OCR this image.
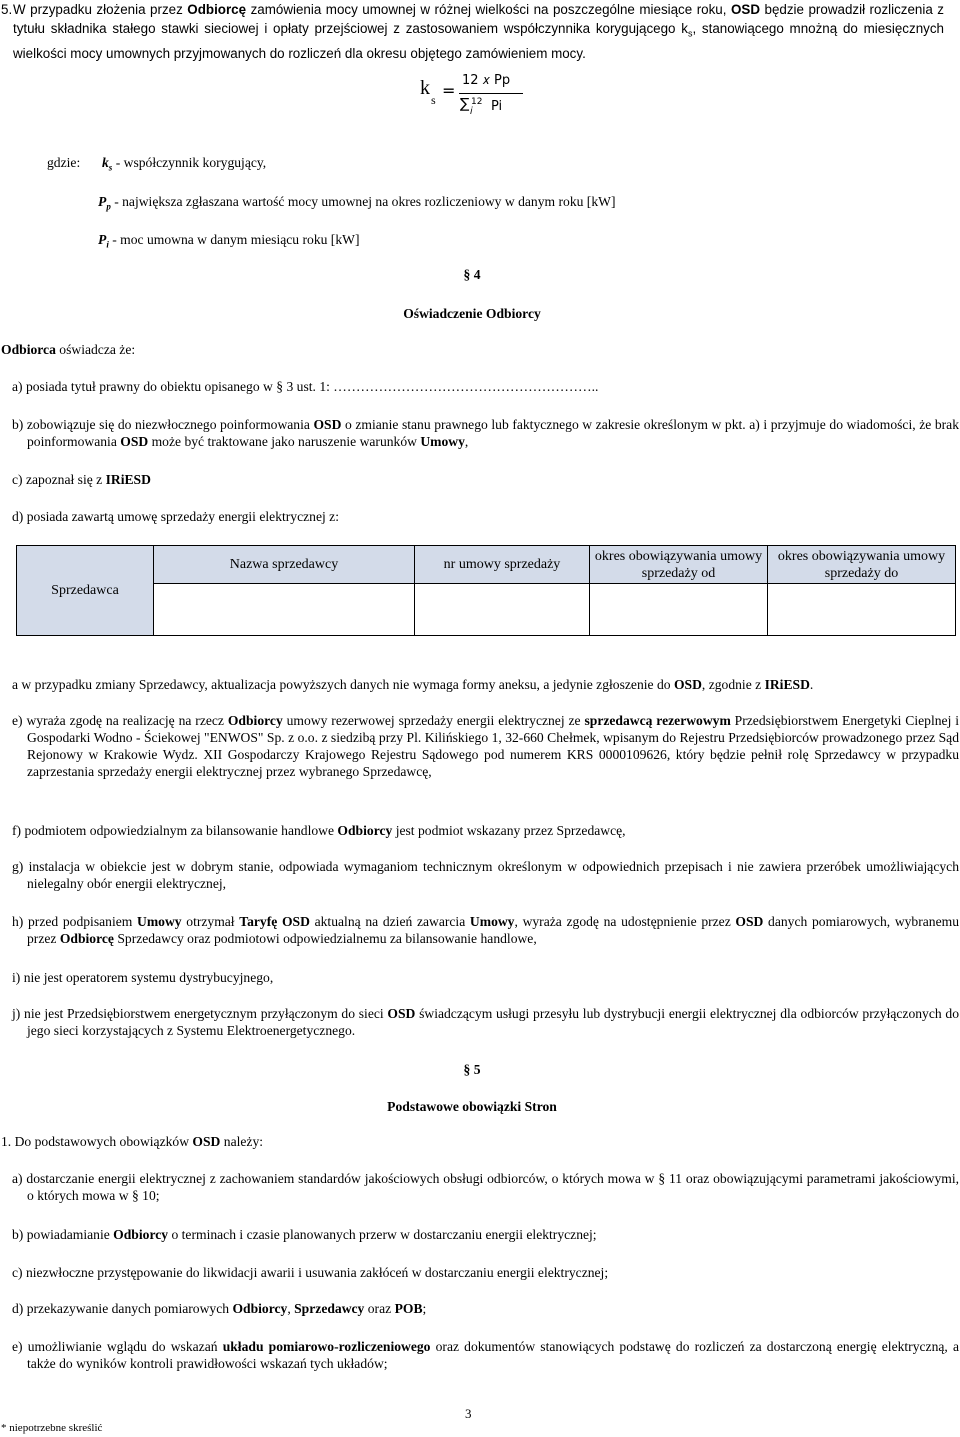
5. W przypadku złożenia przez Odbiorcę zamówienia mocy umownej w różnej wielkości na poszczególne miesiące roku, OSD będzie prowadził rozliczenia z tytułu składnika stałego stawki sieciowej i opłaty przejściowej z zastosowaniem współczynnika korygującego $k_s$, stanowiącego mnożną do miesięcznych wielkości mocy umownych przyjmowanych do rozliczeń dla okresu objętego zamówieniem mocy.
k
s =
12 𝑥 Pp
∑ 𝑖
12 Pi
gdzie: $k_s$ - współczynnik korygujący,
$P_p$ - największa zgłaszana wartość mocy umownej na okres rozliczeniowy w danym roku [kW]
$P_i$ - moc umowna w danym miesiącu roku [kW]
§ 4
Oświadczenie Odbiorcy
Odbiorca oświadcza że:
a) posiada tytuł prawny do obiektu opisanego w § 3 ust. 1: …………………………………………………..
b) zobowiązuje się do niezwłocznego poinformowania OSD o zmianie stanu prawnego lub faktycznego w zakresie określonym w pkt. a) i przyjmuje do wiadomości, że brak poinformowania OSD może być traktowane jako naruszenie warunków Umowy,
c) zapoznał się z IRiESD
d) posiada zawartą umowę sprzedaży energii elektrycznej z:
Sprzedawca	Nazwa sprzedawcy	nr umowy sprzedaży	okres obowiązywania umowy sprzedaży od	okres obowiązywania umowy sprzedaży do

a w przypadku zmiany Sprzedawcy, aktualizacja powyższych danych nie wymaga formy aneksu, a jedynie zgłoszenie do OSD, zgodnie z IRiESD.
e) wyraża zgodę na realizację na rzecz Odbiorcy umowy rezerwowej sprzedaży energii elektrycznej ze sprzedawcą rezerwowym Przedsiębiorstwem Energetyki Cieplnej i Gospodarki Wodno - Ściekowej "ENWOS" Sp. z o.o. z siedzibą przy Pl. Kilińskiego 1, 32-660 Chełmek, wpisanym do Rejestru Przedsiębiorców prowadzonego przez Sąd Rejonowy w Krakowie Wydz. XII Gospodarczy Krajowego Rejestru Sądowego pod numerem KRS 0000109626, który będzie pełnił rolę Sprzedawcy w przypadku zaprzestania sprzedaży energii elektrycznej przez wybranego Sprzedawcę,
f) podmiotem odpowiedzialnym za bilansowanie handlowe Odbiorcy jest podmiot wskazany przez Sprzedawcę,
g) instalacja w obiekcie jest w dobrym stanie, odpowiada wymaganiom technicznym określonym w odpowiednich przepisach i nie zawiera przeróbek umożliwiających nielegalny obór energii elektrycznej,
h) przed podpisaniem Umowy otrzymał Taryfę OSD aktualną na dzień zawarcia Umowy, wyraża zgodę na udostępnienie przez OSD danych pomiarowych, wybranemu przez Odbiorcę Sprzedawcy oraz podmiotowi odpowiedzialnemu za bilansowanie handlowe,
i) nie jest operatorem systemu dystrybucyjnego,
j) nie jest Przedsiębiorstwem energetycznym przyłączonym do sieci OSD świadczącym usługi przesyłu lub dystrybucji energii elektrycznej dla odbiorców przyłączonych do jego sieci korzystających z Systemu Elektroenergetycznego.
§ 5
Podstawowe obowiązki Stron
1. Do podstawowych obowiązków OSD należy:
a) dostarczanie energii elektrycznej z zachowaniem standardów jakościowych obsługi odbiorców, o których mowa w § 11 oraz obowiązującymi parametrami jakościowymi, o których mowa w § 10;
b) powiadamianie Odbiorcy o terminach i czasie planowanych przerw w dostarczaniu energii elektrycznej;
c) niezwłoczne przystępowanie do likwidacji awarii i usuwania zakłóceń w dostarczaniu energii elektrycznej;
d) przekazywanie danych pomiarowych Odbiorcy, Sprzedawcy oraz POB;
e) umożliwianie wglądu do wskazań układu pomiarowo-rozliczeniowego oraz dokumentów stanowiących podstawę do rozliczeń za dostarczoną energię elektryczną, a także do wyników kontroli prawidłowości wskazań tych układów;
3
* niepotrzebne skreślić
